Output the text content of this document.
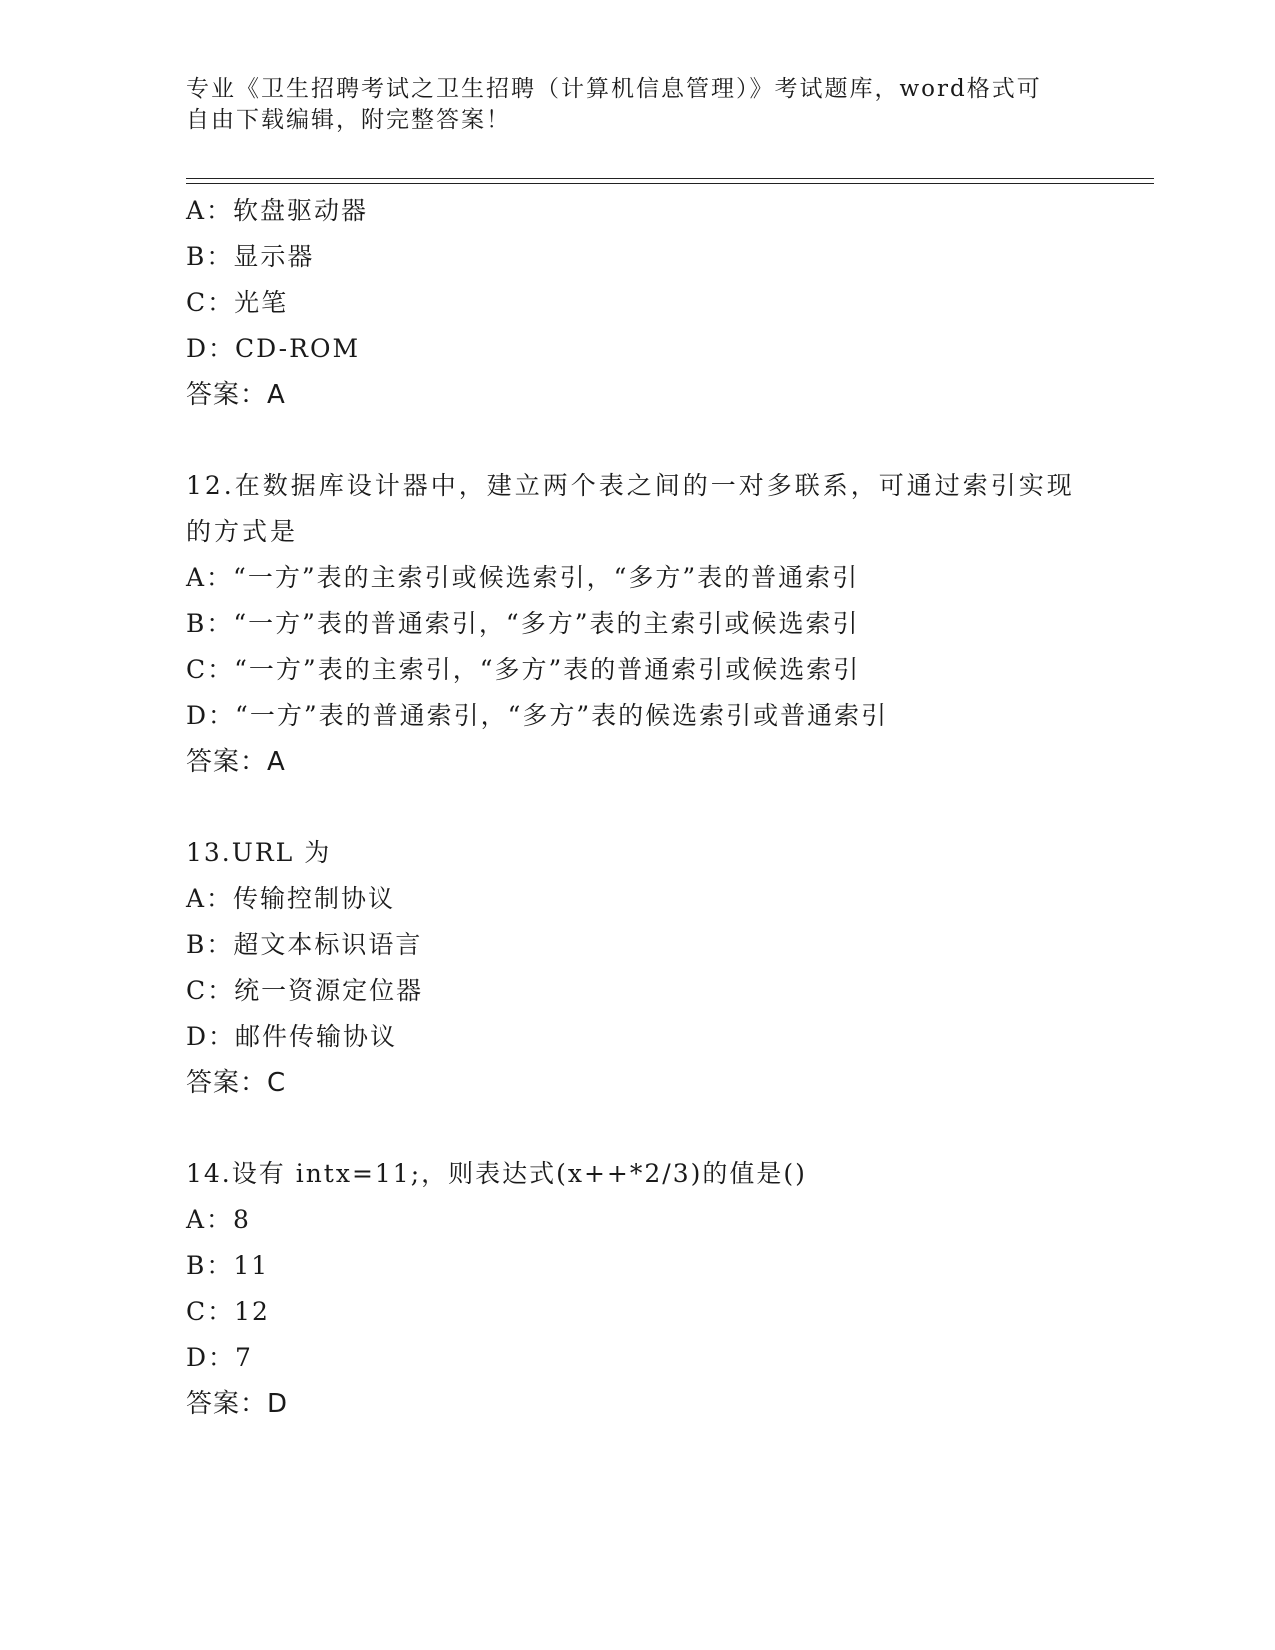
专业《卫生招聘考试之卫生招聘（计算机信息管理）》考试题库，word格式可自由下载编辑，附完整答案！
A：软盘驱动器
B：显示器
C：光笔
D：CD-ROM
答案：A
12.在数据库设计器中，建立两个表之间的一对多联系，可通过索引实现的方式是
A：“一方”表的主索引或候选索引，“多方”表的普通索引
B：“一方”表的普通索引，“多方”表的主索引或候选索引
C：“一方”表的主索引，“多方”表的普通索引或候选索引
D：“一方”表的普通索引，“多方”表的候选索引或普通索引
答案：A
13.URL 为
A：传输控制协议
B：超文本标识语言
C：统一资源定位器
D：邮件传输协议
答案：C
14.设有 intx=11;，则表达式(x++*2/3)的值是()
A：8
B：11
C：12
D：7
答案：D
